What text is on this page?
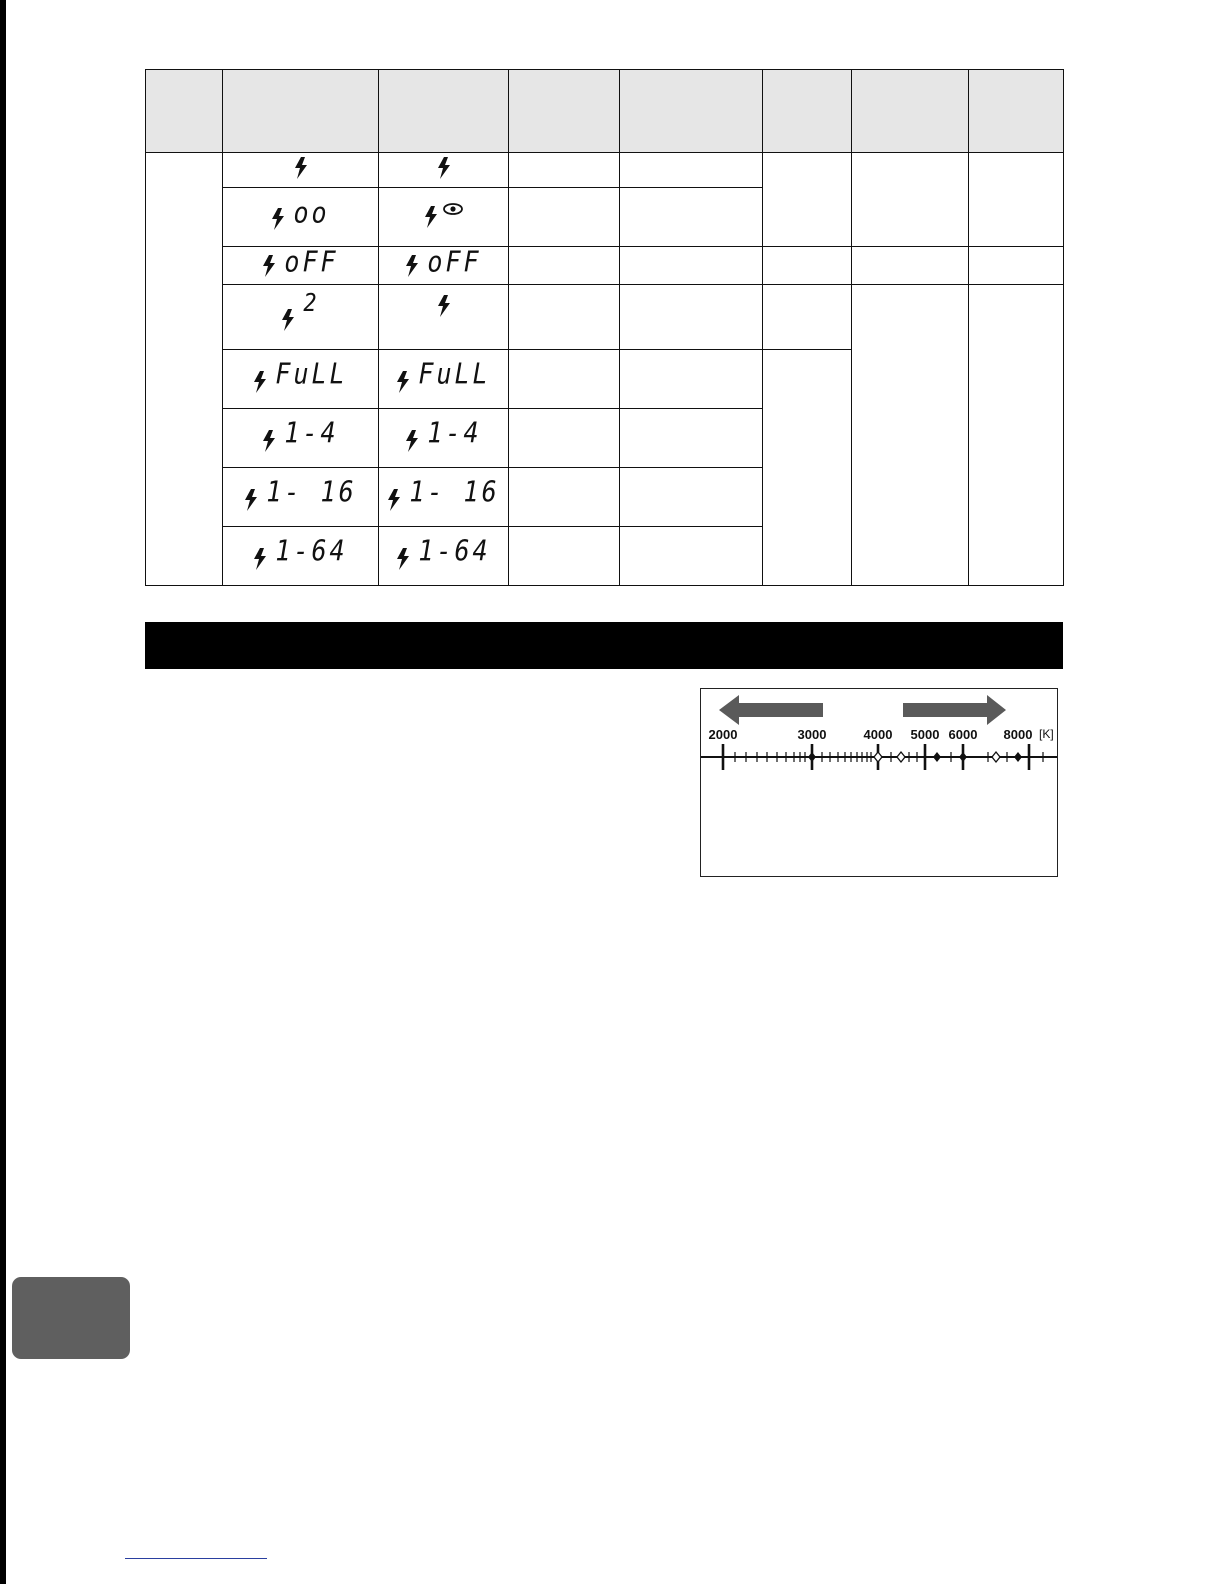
	oo

	oFF	oFF					

	2

	FuLL	FuLL					

	1-4	1-4					

	1- 16	1- 16					

	1-64	1-64					

2000	3000	4000 5000 6000 8000 [K]
